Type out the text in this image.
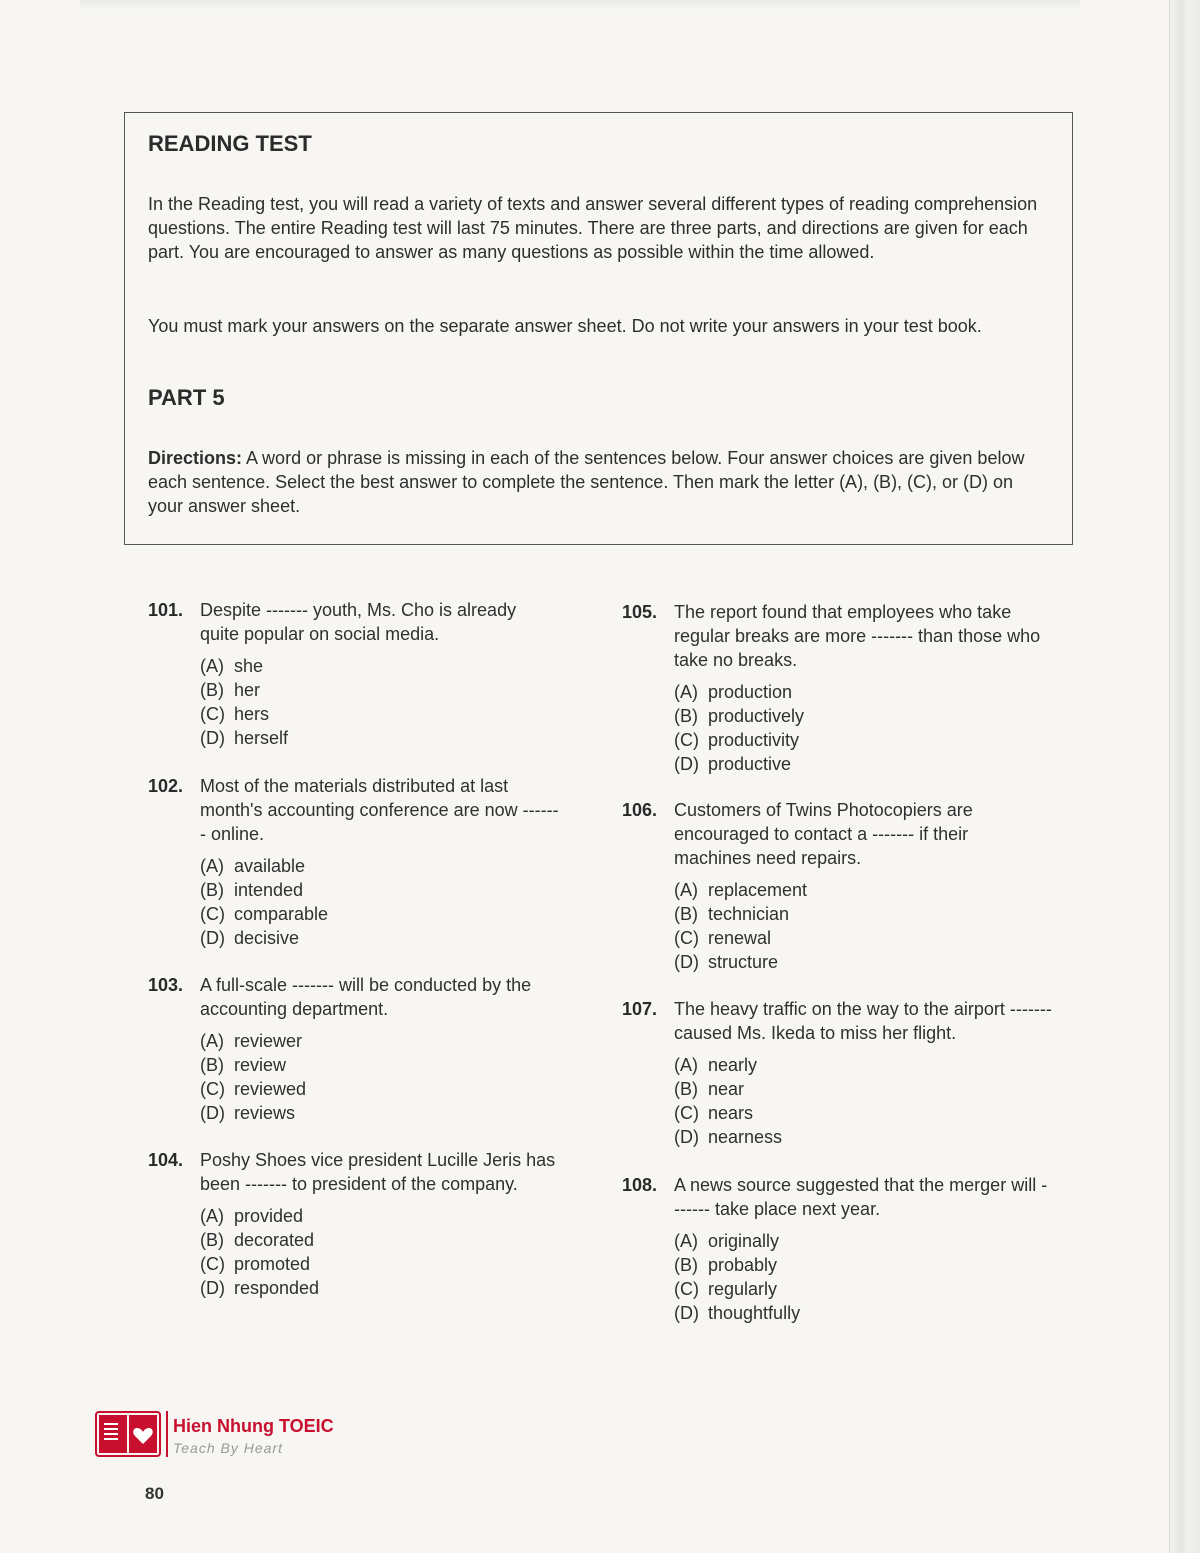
READING TEST
In the Reading test, you will read a variety of texts and answer several different types of reading comprehension questions. The entire Reading test will last 75 minutes. There are three parts, and directions are given for each part. You are encouraged to answer as many questions as possible within the time allowed.
You must mark your answers on the separate answer sheet. Do not write your answers in your test book.
PART 5
Directions: A word or phrase is missing in each of the sentences below. Four answer choices are given below each sentence. Select the best answer to complete the sentence. Then mark the letter (A), (B), (C), or (D) on your answer sheet.
101. Despite ------- youth, Ms. Cho is already quite popular on social media.
(A) she
(B) her
(C) hers
(D) herself
102. Most of the materials distributed at last month's accounting conference are now ------- online.
(A) available
(B) intended
(C) comparable
(D) decisive
103. A full-scale ------- will be conducted by the accounting department.
(A) reviewer
(B) review
(C) reviewed
(D) reviews
104. Poshy Shoes vice president Lucille Jeris has been ------- to president of the company.
(A) provided
(B) decorated
(C) promoted
(D) responded
105. The report found that employees who take regular breaks are more ------- than those who take no breaks.
(A) production
(B) productively
(C) productivity
(D) productive
106. Customers of Twins Photocopiers are encouraged to contact a ------- if their machines need repairs.
(A) replacement
(B) technician
(C) renewal
(D) structure
107. The heavy traffic on the way to the airport ------- caused Ms. Ikeda to miss her flight.
(A) nearly
(B) near
(C) nears
(D) nearness
108. A news source suggested that the merger will ------- take place next year.
(A) originally
(B) probably
(C) regularly
(D) thoughtfully
Hien Nhung TOEIC
Teach By Heart
80
